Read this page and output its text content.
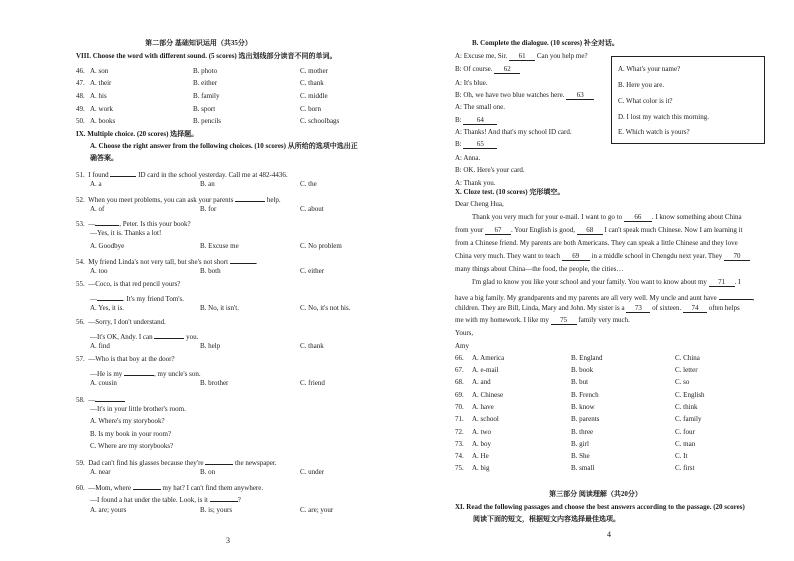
第二部分 基础知识运用（共35分）
VIII. Choose the word with different sound. (5 scores) 选出划线部分读音不同的单词。
46. A. son	B. photo	C. mother
47. A. their	B. either	C. thank
48. A. his	B. family	C. middle
49. A. work	B. sport	C. born
50. A. books	B. pencils	C. schoolbags
IX. Multiple choice. (20 scores) 选择题。
A. Choose the right answer from the following choices. (10 scores) 从所给的选项中选出正
确答案。
51. I found	ID card in the school yesterday. Call me at 482-4436.
A. a	B. an	C. the
52. When you meet problems, you can ask your parents	help.
A. of	B. for	C. about
53. —	, Peter. Is this your book?
—Yes, it is. Thanks a lot!
A. Goodbye	B. Excuse me	C. No problem
54. My friend Linda's not very tall, but she's not short	.
A. too	B. both	C. either
55. —Coco, is that red pencil yours?
—	. It's my friend Tom's.
A. Yes, it is.	B. No, it isn't.	C. No, it's not his.
56. —Sorry, I don't understand.
—It's OK, Andy. I can	you.
A. find	B. help	C. thank
57. —Who is that boy at the door?
—He is my	, my uncle's son.
A. cousin	B. brother	C. friend
58. —
—It's in your little brother's room.
A. Where's my storybook?
B. Is my book in your room?
C. Where are my storybooks?
59. Dad can't find his glasses because they're	the newspaper.
A. near	B. on	C. under
60. —Mom, where	my hat? I can't find them anywhere.
—I found a hat under the table. Look, is it	?
A. are; yours	B. is; yours	C. are; your
3
B. Complete the dialogue. (10 scores) 补全对话。
A: Excuse me, Sir. 61 Can you help me?
B: Of course. 62
A: It's blue.
B: Oh, we have two blue watches here. 63
A: The small one.
B: 64
A: Thanks! And that's my school ID card.
B: 65
A: Anna.
B: OK. Here's your card.
A: Thank you.
A. What's your name?
B. Here you are.
C. What color is it?
D. I lost my watch this morning.
E. Which watch is yours?
X. Cloze test. (10 scores) 完形填空。
Dear Cheng Hua,
Thank you very much for your e-mail. I want to go to 66 . I know something about China
from your 67 . Your English is good, 68 I can't speak much Chinese. Now I am learning it
from a Chinese friend. My parents are both Americans. They can speak a little Chinese and they love
China very much. They want to teach 69 in a middle school in Chengdu next year. They 70
many things about China—the food, the people, the cities…
I'm glad to know you like your school and your family. You want to know about my 71 . I
have a big family. My grandparents and my parents are all very well. My uncle and aunt have	,
children. They are Bill, Linda, Mary and John. My sister is a 73 of sixteen. 74 often helps
me with my homework. I like my 75 family very much.
Yours,
Amy
66. A. America	B. England	C. China
67. A. e-mail	B. book	C. letter
68. A. and	B. but	C. so
69. A. Chinese	B. French	C. English
70. A. have	B. know	C. think
71. A. school	B. parents	C. family
72. A. two	B. three	C. four
73. A. boy	B. girl	C. man
74. A. He	B. She	C. It
75. A. big	B. small	C. first
第三部分 阅读理解（共20分）
XI. Read the following passages and choose the best answers according to the passage. (20 scores)
阅读下面的短文，根据短文内容选择最佳选项。
4
